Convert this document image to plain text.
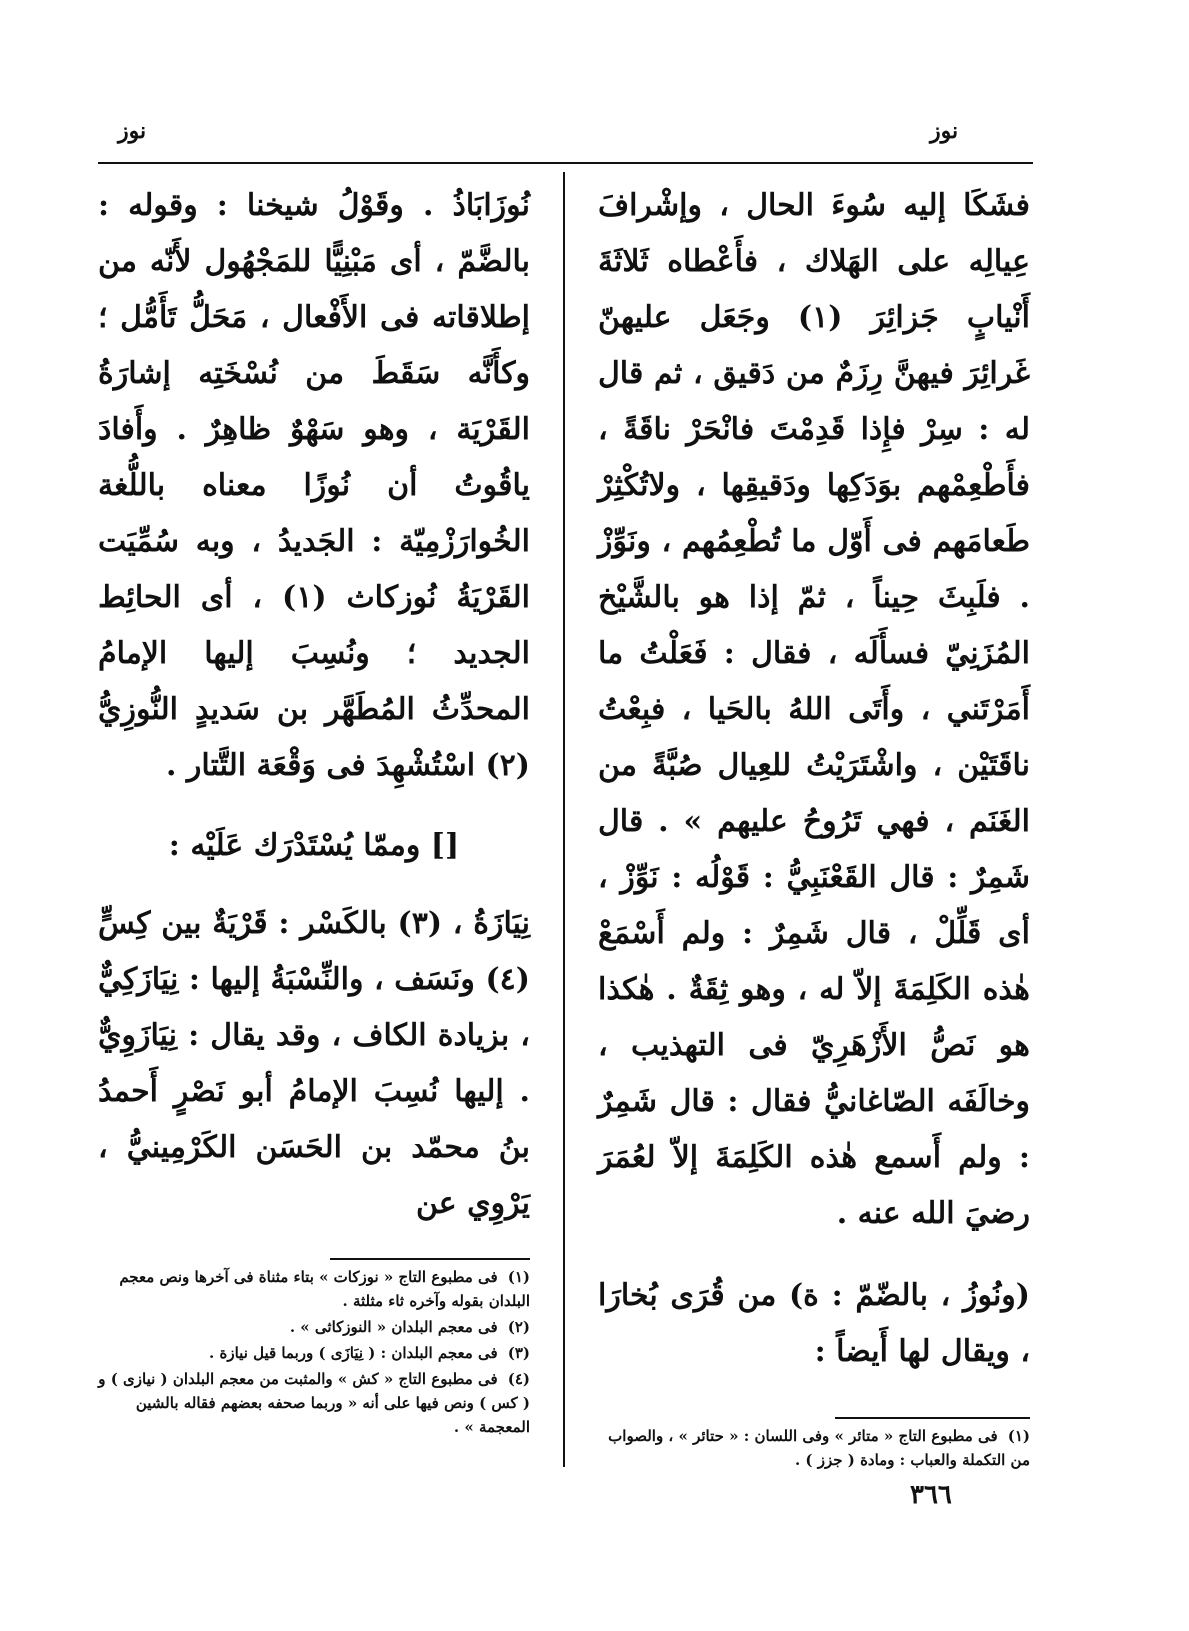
نوز	نوز

فشَكَا إليه سُوءَ الحال ، وإشْرافَ عِيالِه على الهَلاك ، فأَعْطاه ثَلاثَةَ أَنْيابٍ جَزائِرَ (١) وجَعَل عليهنّ غَرائِرَ فيهنَّ رِزَمٌ من دَقيق ، ثم قال له : سِرْ فإِذا قَدِمْتَ فانْحَرْ ناقَةً ، فأَطْعِمْهم بوَدَكِها ودَقيقِها ، ولاتُكْثِرْ طَعامَهم فى أَوّل ما تُطْعِمُهم ، ونَوِّزْ . فلَبِثَ حِيناً ، ثمّ إذا هو بالشَّيْخ المُزَنِيّ فسأَلَه ، فقال : فَعَلْتُ ما أَمَرْتَني ، وأَتَى اللهُ بالحَيا ، فبِعْتُ ناقَتَيْن ، واشْتَرَيْتُ للعِيال صُبَّةً من الغَنَم ، فهي تَرُوحُ عليهم » . قال شَمِرٌ : قال القَعْنَبِيُّ : قَوْلُه : نَوِّزْ ، أى قَلِّلْ ، قال شَمِرٌ : ولم أَسْمَعْ هٰذه الكَلِمَةَ إلاّ له ، وهو ثِقَةٌ . هٰكذا هو نَصُّ الأَزْهَرِيّ فى التهذيب ، وخالَفَه الصّاغانيُّ فقال : قال شَمِرٌ : ولم أَسمع هٰذه الكَلِمَةَ إلاّ لعُمَرَ رضيَ الله عنه .

(ونُوزُ ، بالضّمّ : ة) من قُرَى بُخارَا ، ويقال لها أَيضاً :

(١)فى مطبوع التاج « متائر » وفى اللسان : « حتائر » ، والصواب من التكملة والعباب : ومادة ( جزز ) .

نُوزَابَاذُ . وقَوْلُ شيخنا : وقوله : بالضَّمّ ، أى مَبْنِيًّا للمَجْهُول لأَنّه من إطلاقاته فى الأَفْعال ، مَحَلُّ تَأَمُّل ؛ وكأَنَّه سَقَطَ من نُسْخَتِه إشارَةُ القَرْيَة ، وهو سَهْوٌ ظاهِرٌ . وأَفادَ ياقُوتُ أن نُوزًا معناه باللُّغة الخُوارَزْمِيّة : الجَديدُ ، وبه سُمِّيَت القَرْيَةُ نُوزكاث (١) ، أى الحائِط الجديد ؛ ونُسِبَ إليها الإمامُ المحدِّثُ المُطَهَّر بن سَديدٍ النُّوزِيُّ (٢) اسْتُشْهِدَ فى وَقْعَة التَّتار .

[] وممّا يُسْتَدْرَك عَلَيْه :

نِيَازَةُ ، (٣) بالكَسْر : قَرْيَةٌ بين كِسٍّ (٤) ونَسَف ، والنِّسْبَةُ إليها : نِيَازَكِيٌّ ، بزيادة الكاف ، وقد يقال : نِيَازَوِيٌّ . إليها نُسِبَ الإمامُ أبو نَصْرٍ أَحمدُ بنُ محمّد بن الحَسَن الكَرْمِينيُّ ، يَرْوِي عن

(١)فى مطبوع التاج « نوزكات » بتاء مثناة فى آخرها ونص معجم البلدان بقوله وآخره ثاء مثلثة .
(٢)فى معجم البلدان « النوزكاثى » .
(٣)فى معجم البلدان : ( نِيَازَى ) وربما قيل نيازة .
(٤)فى مطبوع التاج « كش » والمثبت من معجم البلدان ( نيازى ) و ( كس ) ونص فيها على أنه « وربما صحفه بعضهم فقاله بالشين المعجمة » .
٣٦٦
